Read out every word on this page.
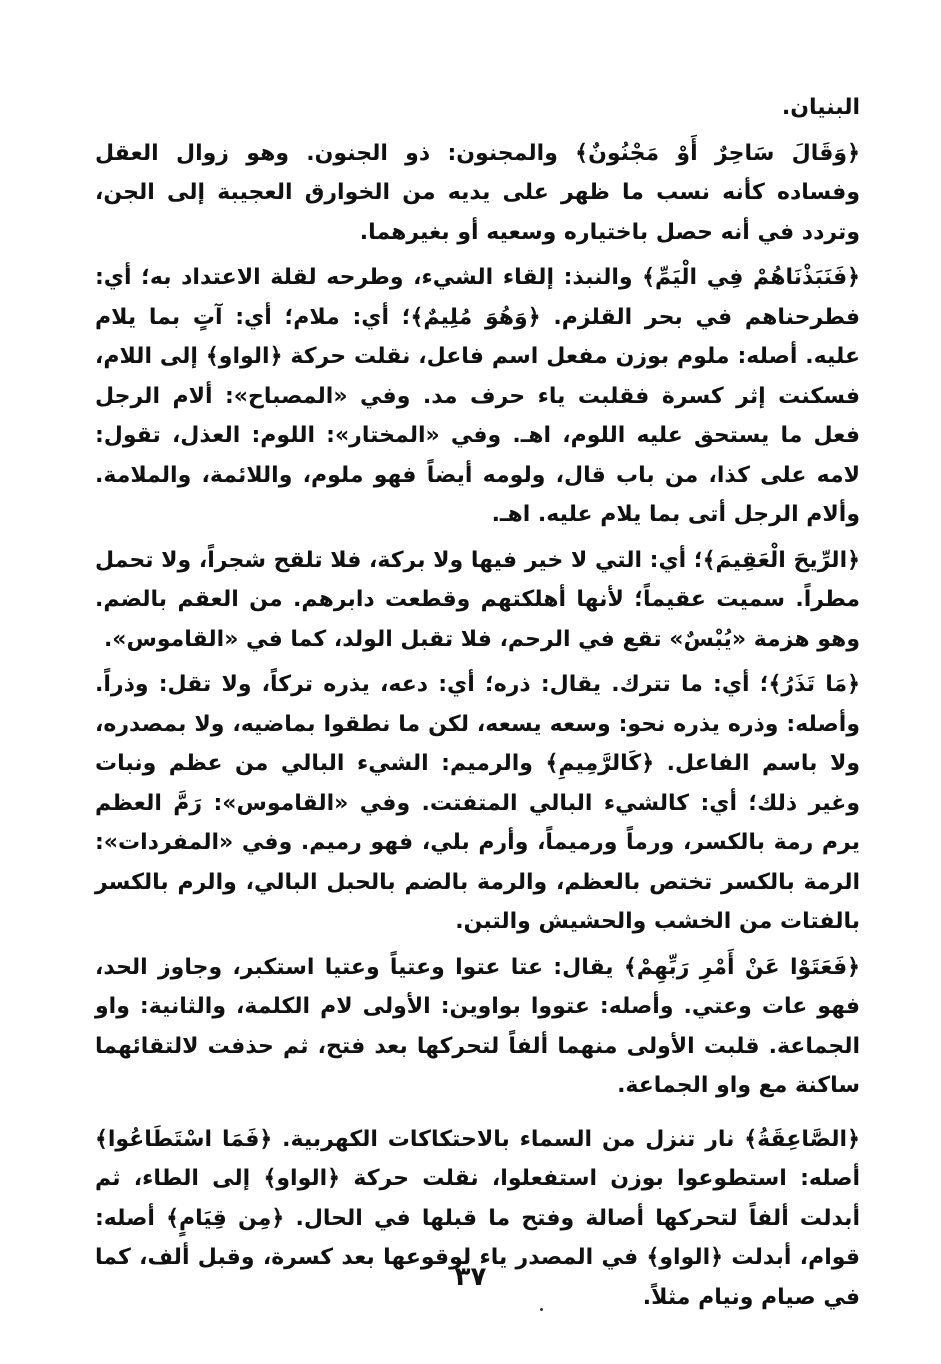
البنيان.

﴿وَقَالَ سَاحِرٌ أَوْ مَجْنُونٌ﴾ والمجنون: ذو الجنون. وهو زوال العقل وفساده كأنه نسب ما ظهر على يديه من الخوارق العجيبة إلى الجن، وتردد في أنه حصل باختياره وسعيه أو بغيرهما.

﴿فَنَبَذْنَاهُمْ فِي الْيَمِّ﴾ والنبذ: إلقاء الشيء، وطرحه لقلة الاعتداد به؛ أي: فطرحناهم في بحر القلزم. ﴿وَهُوَ مُلِيمٌ﴾؛ أي: ملام؛ أي: آتٍ بما يلام عليه. أصله: ملوم بوزن مفعل اسم فاعل، نقلت حركة ﴿الواو﴾ إلى اللام، فسكنت إثر كسرة فقلبت ياء حرف مد. وفي «المصباح»: ألام الرجل فعل ما يستحق عليه اللوم، اهـ. وفي «المختار»: اللوم: العذل، تقول: لامه على كذا، من باب قال، ولومه أيضاً فهو ملوم، واللائمة، والملامة. وألام الرجل أتى بما يلام عليه. اهـ.

﴿الرِّيحَ الْعَقِيمَ﴾؛ أي: التي لا خير فيها ولا بركة، فلا تلقح شجراً، ولا تحمل مطراً. سميت عقيماً؛ لأنها أهلكتهم وقطعت دابرهم. من العقم بالضم. وهو هزمة «يُبْسٌ» تقع في الرحم، فلا تقبل الولد، كما في «القاموس».

﴿مَا تَذَرُ﴾؛ أي: ما تترك. يقال: ذره؛ أي: دعه، يذره تركاً، ولا تقل: وذراً. وأصله: وذره يذره نحو: وسعه يسعه، لكن ما نطقوا بماضيه، ولا بمصدره، ولا باسم الفاعل. ﴿كَالرَّمِيمِ﴾ والرميم: الشيء البالي من عظم ونبات وغير ذلك؛ أي: كالشيء البالي المتفتت. وفي «القاموس»: رَمَّ العظم يرم رمة بالكسر، ورماً ورميماً، وأرم بلي، فهو رميم. وفي «المفردات»: الرمة بالكسر تختص بالعظم، والرمة بالضم بالحبل البالي، والرم بالكسر بالفتات من الخشب والحشيش والتبن.

﴿فَعَتَوْا عَنْ أَمْرِ رَبِّهِمْ﴾ يقال: عتا عتوا وعتياً وعتيا استكبر، وجاوز الحد، فهو عات وعتي. وأصله: عتووا بواوين: الأولى لام الكلمة، والثانية: واو الجماعة. قلبت الأولى منهما ألفاً لتحركها بعد فتح، ثم حذفت لالتقائهما ساكنة مع واو الجماعة.

﴿الصَّاعِقَةُ﴾ نار تنزل من السماء بالاحتكاكات الكهربية. ﴿فَمَا اسْتَطَاعُوا﴾ أصله: استطوعوا بوزن استفعلوا، نقلت حركة ﴿الواو﴾ إلى الطاء، ثم أبدلت ألفاً لتحركها أصالة وفتح ما قبلها في الحال. ﴿مِن قِيَامٍ﴾ أصله: قوام، أبدلت ﴿الواو﴾ في المصدر ياء لوقوعها بعد كسرة، وقبل ألف، كما في صيام ونيام مثلاً.

٣٧
